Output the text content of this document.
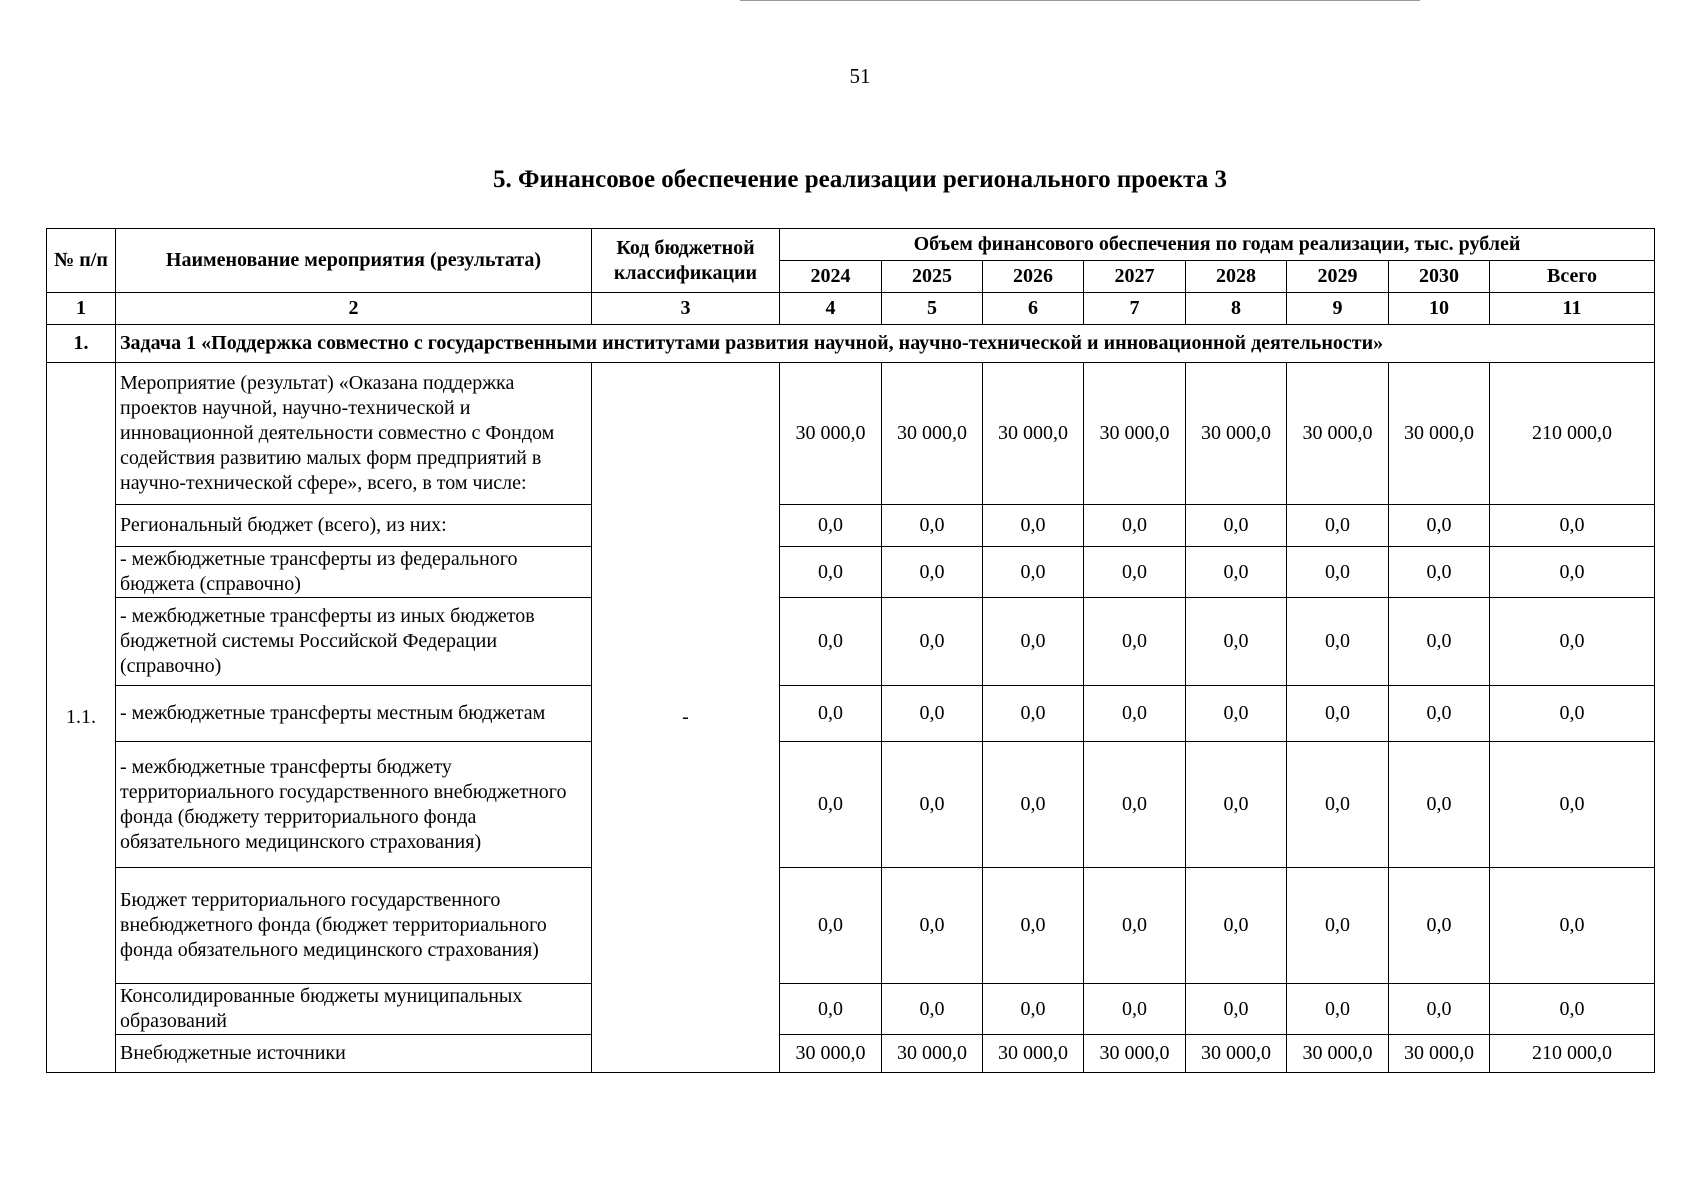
51
5. Финансовое обеспечение реализации регионального проекта 3
№ п/п	Наименование мероприятия (результата)	Код бюджетной классификации	Объем финансового обеспечения по годам реализации, тыс. рублей							
			2024	2025	2026	2027	2028	2029	2030	Всего
1	2	3	4	5	6	7	8	9	10	11
1.	Задача 1 «Поддержка совместно с государственными институтами развития научной, научно-технической и инновационной деятельности»									
1.1.	Мероприятие (результат) «Оказана поддержка проектов научной, научно-технической и инновационной деятельности совместно с Фондом содействия развитию малых форм предприятий в научно-технической сфере», всего, в том числе:	-	30 000,0	30 000,0	30 000,0	30 000,0	30 000,0	30 000,0	30 000,0	210 000,0
	Региональный бюджет (всего), из них:		0,0	0,0	0,0	0,0	0,0	0,0	0,0	0,0
	- межбюджетные трансферты из федерального бюджета (справочно)		0,0	0,0	0,0	0,0	0,0	0,0	0,0	0,0
	- межбюджетные трансферты из иных бюджетов бюджетной системы Российской Федерации (справочно)		0,0	0,0	0,0	0,0	0,0	0,0	0,0	0,0
	- межбюджетные трансферты местным бюджетам		0,0	0,0	0,0	0,0	0,0	0,0	0,0	0,0
	- межбюджетные трансферты бюджету территориального государственного внебюджетного фонда (бюджету территориального фонда обязательного медицинского страхования)		0,0	0,0	0,0	0,0	0,0	0,0	0,0	0,0
	Бюджет территориального государственного внебюджетного фонда (бюджет территориального фонда обязательного медицинского страхования)		0,0	0,0	0,0	0,0	0,0	0,0	0,0	0,0
	Консолидированные бюджеты муниципальных образований		0,0	0,0	0,0	0,0	0,0	0,0	0,0	0,0
	Внебюджетные источники		30 000,0	30 000,0	30 000,0	30 000,0	30 000,0	30 000,0	30 000,0	210 000,0
